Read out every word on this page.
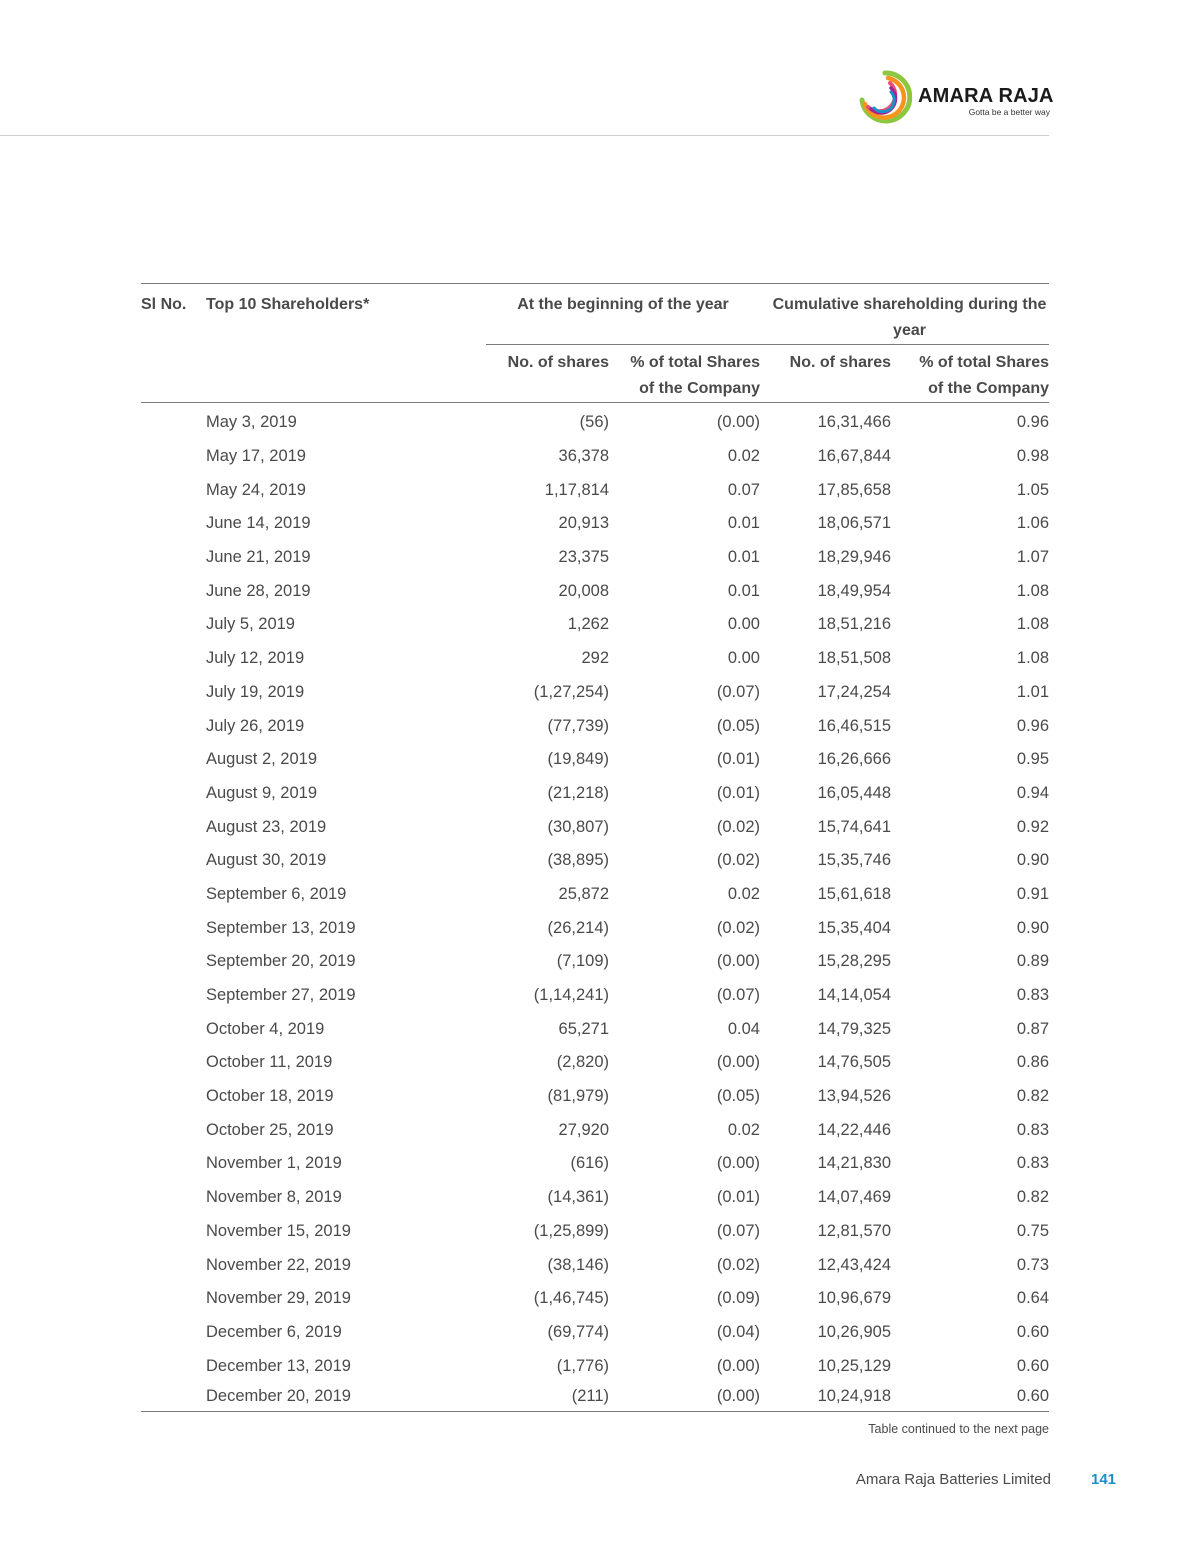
AMARA RAJA
Gotta be a better way
Sl No.	Top 10 Shareholders*	At the beginning of the year		Cumulative shareholding during the year	
		No. of shares	% of total Shares of the Company	No. of shares	% of total Shares of the Company
	May 3, 2019	(56)	(0.00)	16,31,466	0.96
	May 17, 2019	36,378	0.02	16,67,844	0.98
	May 24, 2019	1,17,814	0.07	17,85,658	1.05
	June 14, 2019	20,913	0.01	18,06,571	1.06
	June 21, 2019	23,375	0.01	18,29,946	1.07
	June 28, 2019	20,008	0.01	18,49,954	1.08
	July 5, 2019	1,262	0.00	18,51,216	1.08
	July 12, 2019	292	0.00	18,51,508	1.08
	July 19, 2019	(1,27,254)	(0.07)	17,24,254	1.01
	July 26, 2019	(77,739)	(0.05)	16,46,515	0.96
	August 2, 2019	(19,849)	(0.01)	16,26,666	0.95
	August 9, 2019	(21,218)	(0.01)	16,05,448	0.94
	August 23, 2019	(30,807)	(0.02)	15,74,641	0.92
	August 30, 2019	(38,895)	(0.02)	15,35,746	0.90
	September 6, 2019	25,872	0.02	15,61,618	0.91
	September 13, 2019	(26,214)	(0.02)	15,35,404	0.90
	September 20, 2019	(7,109)	(0.00)	15,28,295	0.89
	September 27, 2019	(1,14,241)	(0.07)	14,14,054	0.83
	October 4, 2019	65,271	0.04	14,79,325	0.87
	October 11, 2019	(2,820)	(0.00)	14,76,505	0.86
	October 18, 2019	(81,979)	(0.05)	13,94,526	0.82
	October 25, 2019	27,920	0.02	14,22,446	0.83
	November 1, 2019	(616)	(0.00)	14,21,830	0.83
	November 8, 2019	(14,361)	(0.01)	14,07,469	0.82
	November 15, 2019	(1,25,899)	(0.07)	12,81,570	0.75
	November 22, 2019	(38,146)	(0.02)	12,43,424	0.73
	November 29, 2019	(1,46,745)	(0.09)	10,96,679	0.64
	December 6, 2019	(69,774)	(0.04)	10,26,905	0.60
	December 13, 2019	(1,776)	(0.00)	10,25,129	0.60
	December 20, 2019	(211)	(0.00)	10,24,918	0.60
Table continued to the next page
Amara Raja Batteries Limited	141
